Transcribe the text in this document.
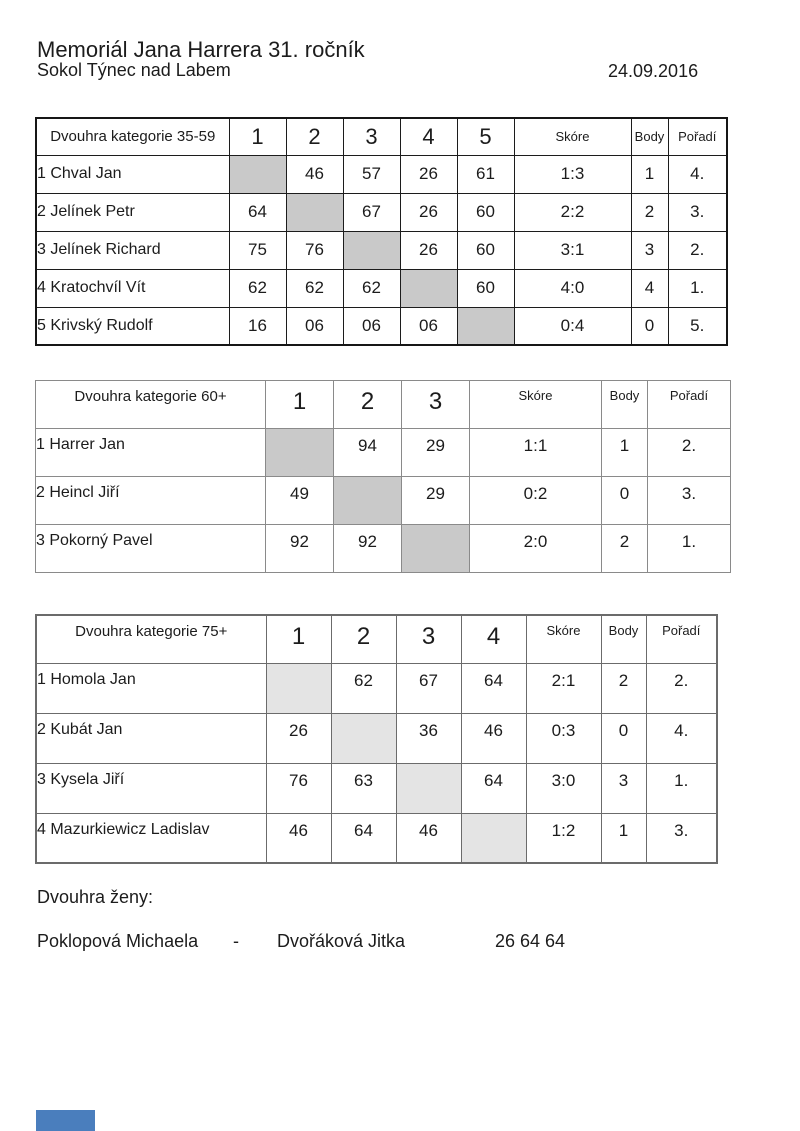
Memoriál Jana Harrera 31. ročník
Sokol Týnec nad Labem	24.09.2016
Dvouhra kategorie 35-59	1	2	3	4	5	Skóre	Body	Pořadí
1 Chval Jan		46	57	26	61	1:3	1	4.
2 Jelínek Petr	64		67	26	60	2:2	2	3.
3 Jelínek Richard	75	76		26	60	3:1	3	2.
4 Kratochvíl Vít	62	62	62		60	4:0	4	1.
5 Krivský Rudolf	16	06	06	06		0:4	0	5.
Dvouhra kategorie 60+	1	2	3	Skóre	Body	Pořadí
1 Harrer Jan		94	29	1:1	1	2.
2 Heincl Jiří	49		29	0:2	0	3.
3 Pokorný Pavel	92	92		2:0	2	1.
Dvouhra kategorie 75+	1	2	3	4	Skóre	Body	Pořadí
1 Homola Jan		62	67	64	2:1	2	2.
2 Kubát Jan	26		36	46	0:3	0	4.
3 Kysela Jiří	76	63		64	3:0	3	1.
4 Mazurkiewicz Ladislav	46	64	46		1:2	1	3.
Dvouhra ženy:
Poklopová Michaela - Dvořáková Jitka	26 64 64
